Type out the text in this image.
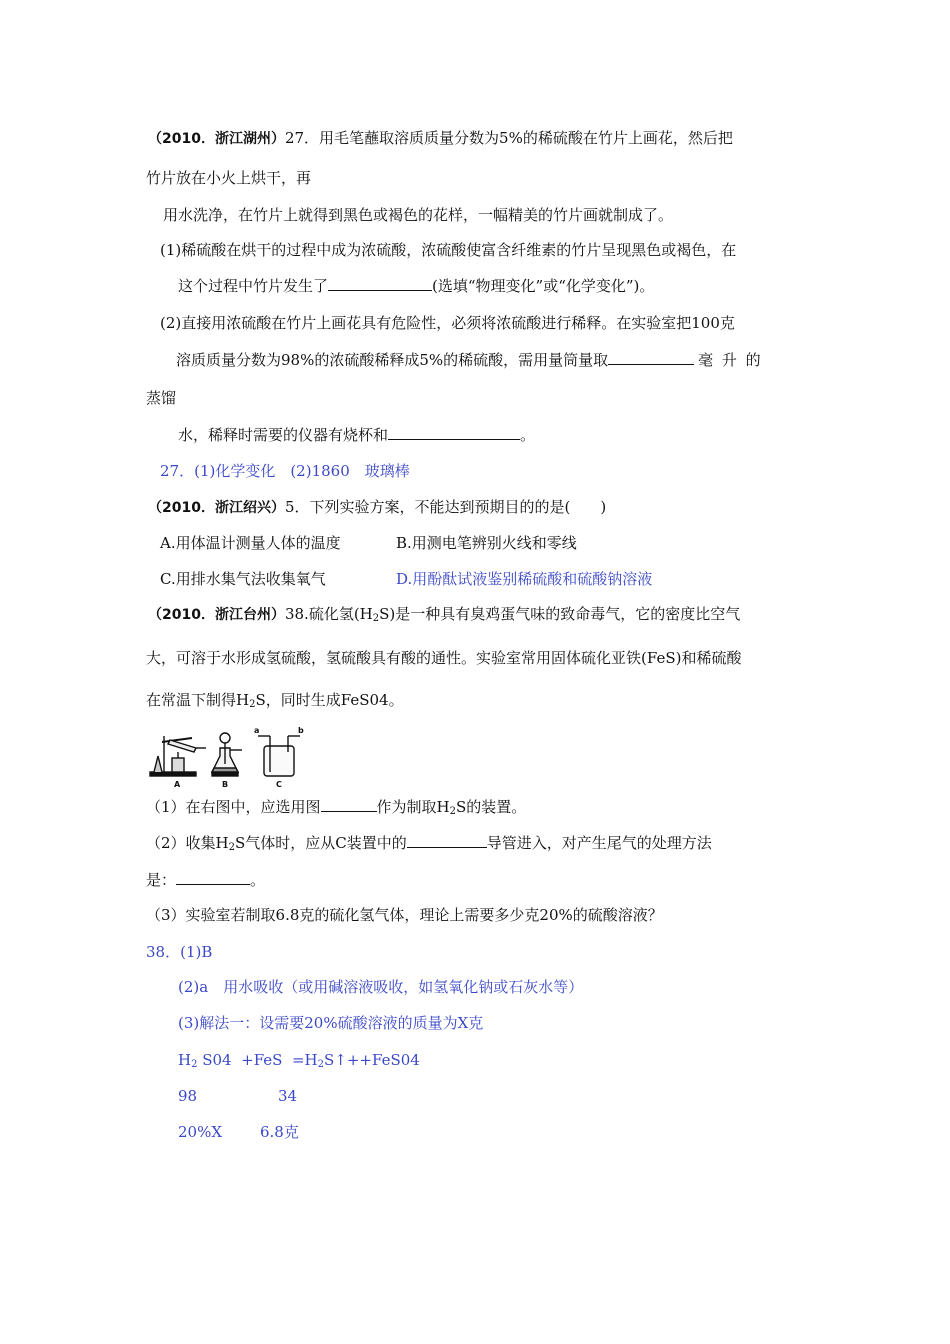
（2010．浙江湖州）27．用毛笔蘸取溶质质量分数为5%的稀硫酸在竹片上画花，然后把
竹片放在小火上烘干，再
用水洗净，在竹片上就得到黑色或褐色的花样，一幅精美的竹片画就制成了。
(1)稀硫酸在烘干的过程中成为浓硫酸，浓硫酸使富含纤维素的竹片呈现黑色或褐色，在
这个过程中竹片发生了	(选填“物理变化”或“化学变化”)。
(2)直接用浓硫酸在竹片上画花具有危险性，必须将浓硫酸进行稀释。在实验室把100克
溶质质量分数为98%的浓硫酸稀释成5%的稀硫酸，需用量筒量取	毫 升 的
蒸馏
水，稀释时需要的仪器有烧杯和	。
27．(1)化学变化　(2)1860　玻璃棒
（2010．浙江绍兴）5．下列实验方案，不能达到预期目的的是(　　)
A.用体温计测量人体的温度	B.用测电笔辨别火线和零线
C.用排水集气法收集氧气	D.用酚酞试液鉴别稀硫酸和硫酸钠溶液
（2010．浙江台州）38.硫化氢$(H_2S)$是一种具有臭鸡蛋气味的致命毒气，它的密度比空气
大，可溶于水形成氢硫酸，氢硫酸具有酸的通性。实验室常用固体硫化亚铁(FeS)和稀硫酸
在常温下制得$H_2S$，同时生成FeS04。
a	b
A	B	C
（1）在右图中，应选用图	作为制取$H_2S$的装置。
（2）收集$H_2S$气体时，应从C装置中的	导管进入，对产生尾气的处理方法
是：	。
（3）实验室若制取6.8克的硫化氢气体，理论上需要多少克20%的硫酸溶液？
38．(1)B
(2)a　用水吸收（或用碱溶液吸收，如氢氧化钠或石灰水等）
(3)解法一：设需要20%硫酸溶液的质量为X克
$H_2$ $S04 +FeS =H_2S↑++FeS04$
98	34
20%X	6.8克
